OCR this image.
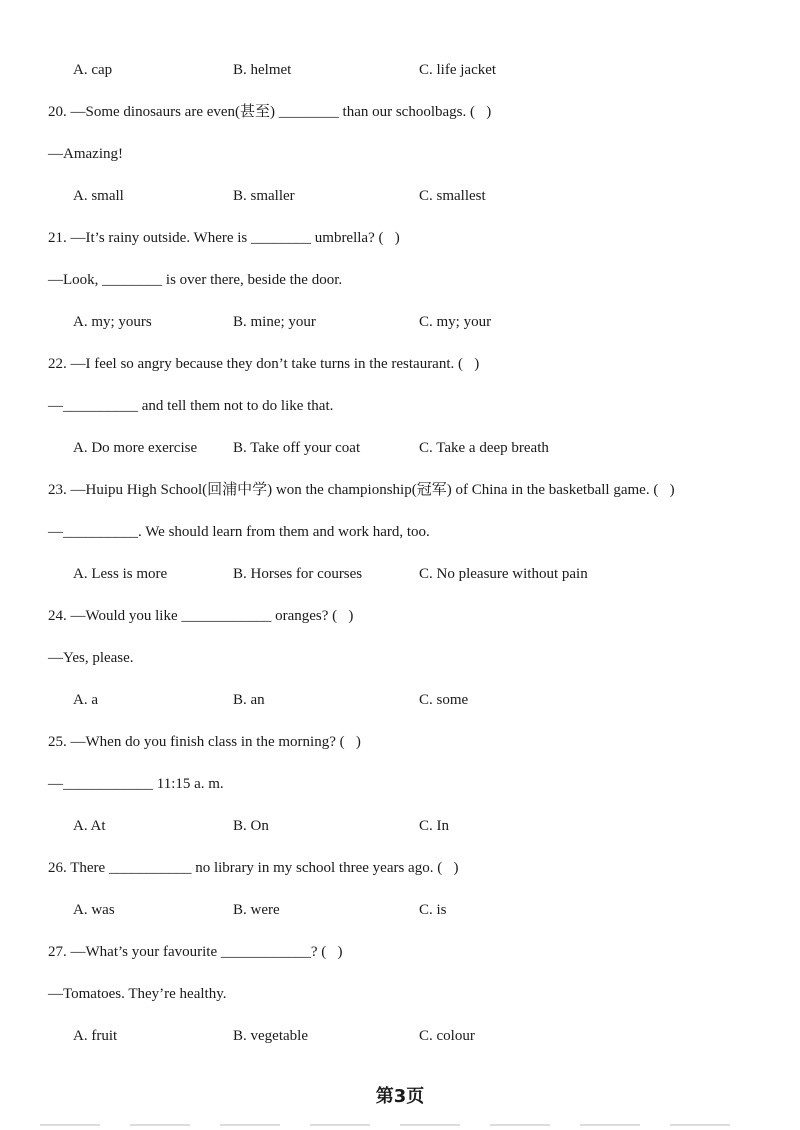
A. cap	B. helmet	C. life jacket
20. —Some dinosaurs are even(甚至) ________ than our schoolbags. (   )
—Amazing!
A. small	B. smaller	C. smallest
21. —It’s rainy outside. Where is ________ umbrella? (   )
—Look, ________ is over there, beside the door.
A. my; yours	B. mine; your	C. my; your
22. —I feel so angry because they don’t take turns in the restaurant. (   )
—__________ and tell them not to do like that.
A. Do more exercise B. Take off your coat	C. Take a deep breath
23. —Huipu High School(回浦中学) won the championship(冠军) of China in the basketball game. (   )
—__________. We should learn from them and work hard, too.
A. Less is more	B. Horses for courses	C. No pleasure without pain
24. —Would you like ____________ oranges? (   )
—Yes, please.
A. a	B. an	C. some
25. —When do you finish class in the morning? (   )
—____________ 11:15 a. m.
A. At	B. On	C. In
26. There ___________ no library in my school three years ago. (   )
A. was	B. were	C. is
27. —What’s your favourite ____________? (   )
—Tomatoes. They’re healthy.
A. fruit	B. vegetable	C. colour
第3页
